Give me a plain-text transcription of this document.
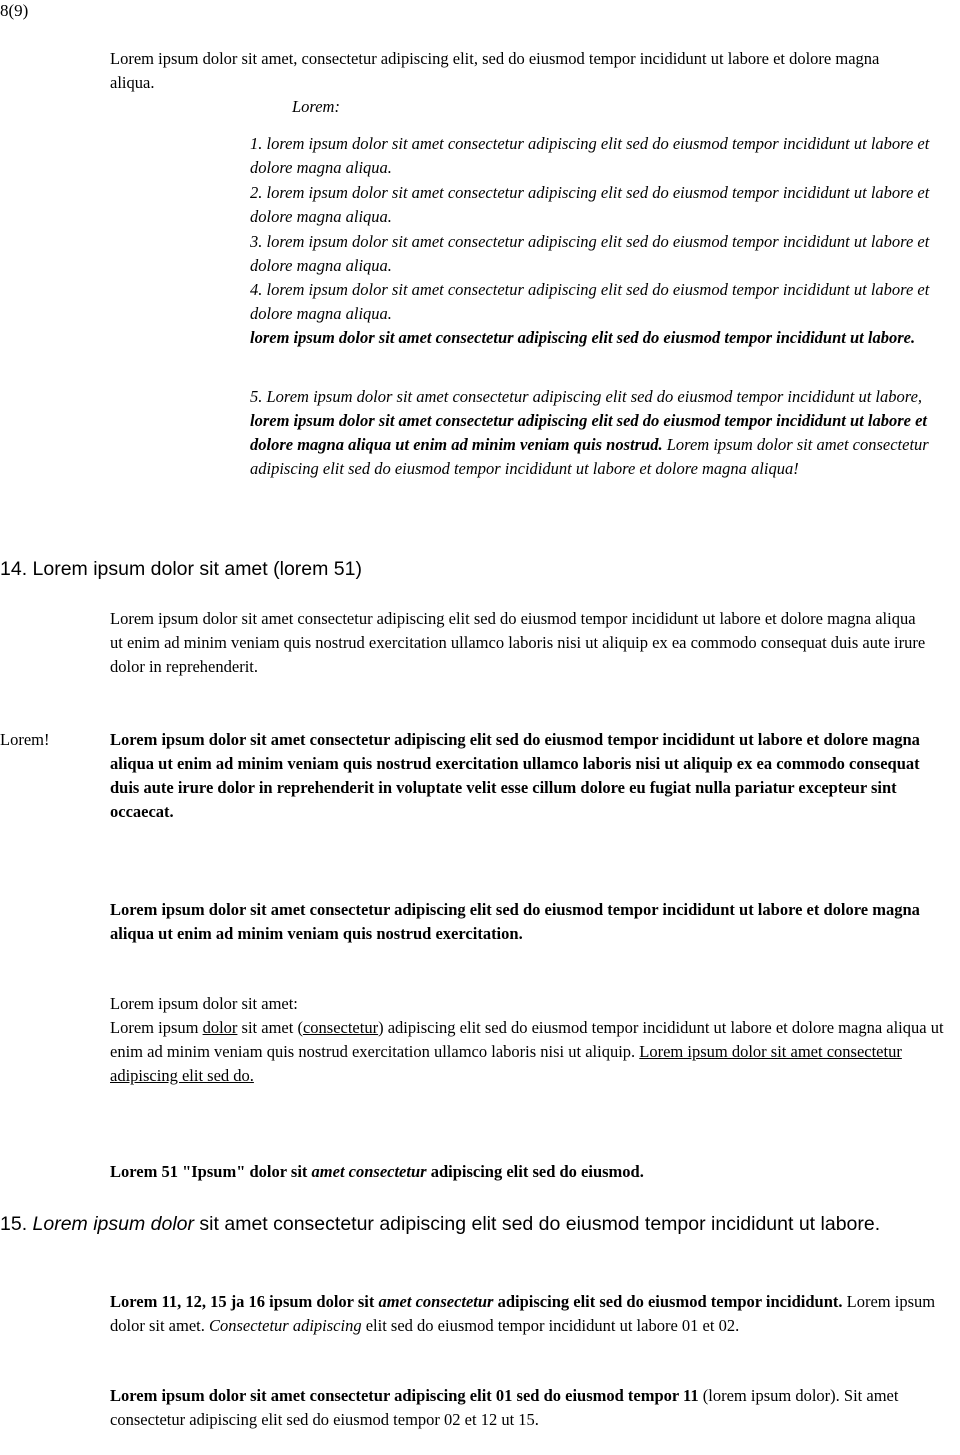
8(9)
Lorem ipsum dolor sit amet, consectetur adipiscing elit, sed do eiusmod tempor incididunt ut labore et dolore magna aliqua.
Lorem:
1. lorem ipsum dolor sit amet consectetur adipiscing elit sed do eiusmod tempor incididunt ut labore et dolore magna aliqua.
2. lorem ipsum dolor sit amet consectetur adipiscing elit sed do eiusmod tempor incididunt ut labore et dolore magna aliqua.
3. lorem ipsum dolor sit amet consectetur adipiscing elit sed do eiusmod tempor incididunt ut labore et dolore magna aliqua.
4. lorem ipsum dolor sit amet consectetur adipiscing elit sed do eiusmod tempor incididunt ut labore et dolore magna aliqua.
lorem ipsum dolor sit amet consectetur adipiscing elit sed do eiusmod tempor incididunt ut labore.
5. Lorem ipsum dolor sit amet consectetur adipiscing elit sed do eiusmod tempor incididunt ut labore, lorem ipsum dolor sit amet consectetur adipiscing elit sed do eiusmod tempor incididunt ut labore et dolore magna aliqua ut enim ad minim veniam quis nostrud. Lorem ipsum dolor sit amet consectetur adipiscing elit sed do eiusmod tempor incididunt ut labore et dolore magna aliqua!
14. Lorem ipsum dolor sit amet (lorem 51)
Lorem ipsum dolor sit amet consectetur adipiscing elit sed do eiusmod tempor incididunt ut labore et dolore magna aliqua ut enim ad minim veniam quis nostrud exercitation ullamco laboris nisi ut aliquip ex ea commodo consequat duis aute irure dolor in reprehenderit.
Lorem!	Lorem ipsum dolor sit amet consectetur adipiscing elit sed do eiusmod tempor incididunt ut labore et dolore magna aliqua ut enim ad minim veniam quis nostrud exercitation ullamco laboris nisi ut aliquip ex ea commodo consequat duis aute irure dolor in reprehenderit in voluptate velit esse cillum dolore eu fugiat nulla pariatur excepteur sint occaecat.
Lorem ipsum dolor sit amet consectetur adipiscing elit sed do eiusmod tempor incididunt ut labore et dolore magna aliqua ut enim ad minim veniam quis nostrud exercitation.
Lorem ipsum dolor sit amet:
Lorem ipsum dolor sit amet (consectetur) adipiscing elit sed do eiusmod tempor incididunt ut labore et dolore magna aliqua ut enim ad minim veniam quis nostrud exercitation ullamco laboris nisi ut aliquip. Lorem ipsum dolor sit amet consectetur adipiscing elit sed do.
Lorem 51 "Ipsum" dolor sit amet consectetur adipiscing elit sed do eiusmod.
15. Lorem ipsum dolor sit amet consectetur adipiscing elit sed do eiusmod tempor incididunt ut labore.
Lorem 11, 12, 15 ja 16 ipsum dolor sit amet consectetur adipiscing elit sed do eiusmod tempor incididunt. Lorem ipsum dolor sit amet. Consectetur adipiscing elit sed do eiusmod tempor incididunt ut labore 01 et 02.
Lorem ipsum dolor sit amet consectetur adipiscing elit 01 sed do eiusmod tempor 11 (lorem ipsum dolor). Sit amet consectetur adipiscing elit sed do eiusmod tempor 02 et 12 ut 15.
